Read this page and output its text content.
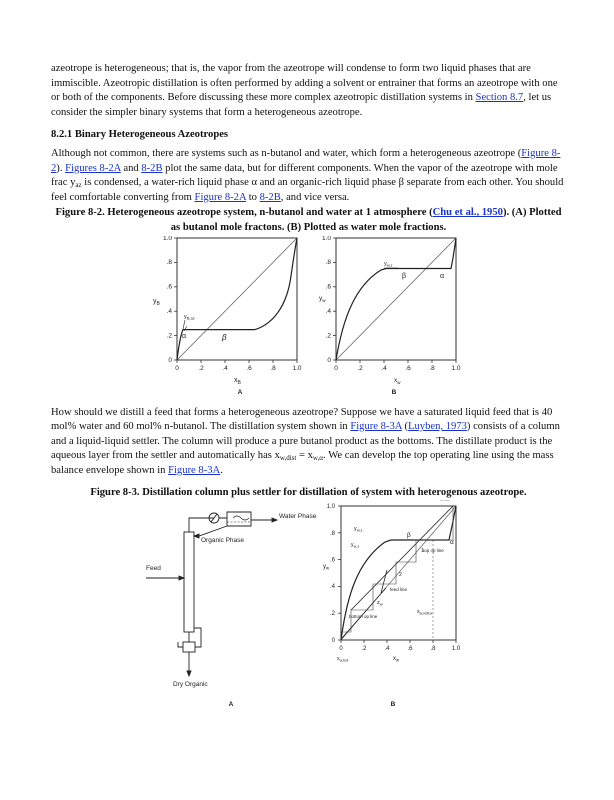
azeotrope is heterogeneous; that is, the vapor from the azeotrope will condense to form two liquid phases that are immiscible. Azeotropic distillation is often performed by adding a solvent or entrainer that forms an azeotrope with one or both of the components. Before discussing these more complex azeotropic distillation systems in Section 8.7, let us consider the simpler binary systems that form a heterogeneous azeotrope.

8.2.1 Binary Heterogeneous Azeotropes

Although not common, there are systems such as n-butanol and water, which form a heterogeneous azeotrope (Figure 8-2). Figures 8-2A and 8-2B plot the same data, but for different components. When the vapor of the azeotrope with mole frac $y_{az}$ is condensed, a water-rich liquid phase α and an organic-rich liquid phase β separate from each other. You should feel comfortable converting from Figure 8-2A to 8-2B, and vice versa.

Figure 8-2. Heterogeneous azeotrope system, n-butanol and water at 1 atmosphere (Chu et al., 1950). (A) Plotted as butanol mole fractons. (B) Plotted as water mole fractions.

0
.2
.4
.6
.8
1.0
0	.2	.4	.6	.8	1.0
$y_B$
$x_B$
$y_{B,az}$
α	β
A
0
.2
.4
.6
.8
1.0
0	.2	.4	.6	.8	1.0
$y_w$
$x_w$
$y_{w,z}$
β	α
B

How should we distill a feed that forms a heterogeneous azeotrope? Suppose we have a saturated liquid feed that is 40 mol% water and 60 mol% n-butanol. The distillation system shown in Figure 8-3A (Luyben, 1973) consists of a column and a liquid-liquid settler. The column will produce a pure butanol product as the bottoms. The distillate product is the aqueous layer from the settler and automatically has $x_{w,dist} = x_{w,\alpha}$. We can develop the top operating line using the mass balance envelope shown in Figure 8-3A.

Figure 8-3. Distillation column plus settler for distillation of system with heterogenous azeotrope.

Water Phase
Organic Phase
Feed
Dry Organic
A
0
.2
.4
.6
.8
1.0
0	.2	.4	.6	.8	1.0
$y_{w,z}$
$y_{w,1}$
β
α
top op line
feed line
$z_w$
bottom op line
$x_{w,reflux}$
$x_{w,bot}$
$y_w$
$x_w$
1
2
B
